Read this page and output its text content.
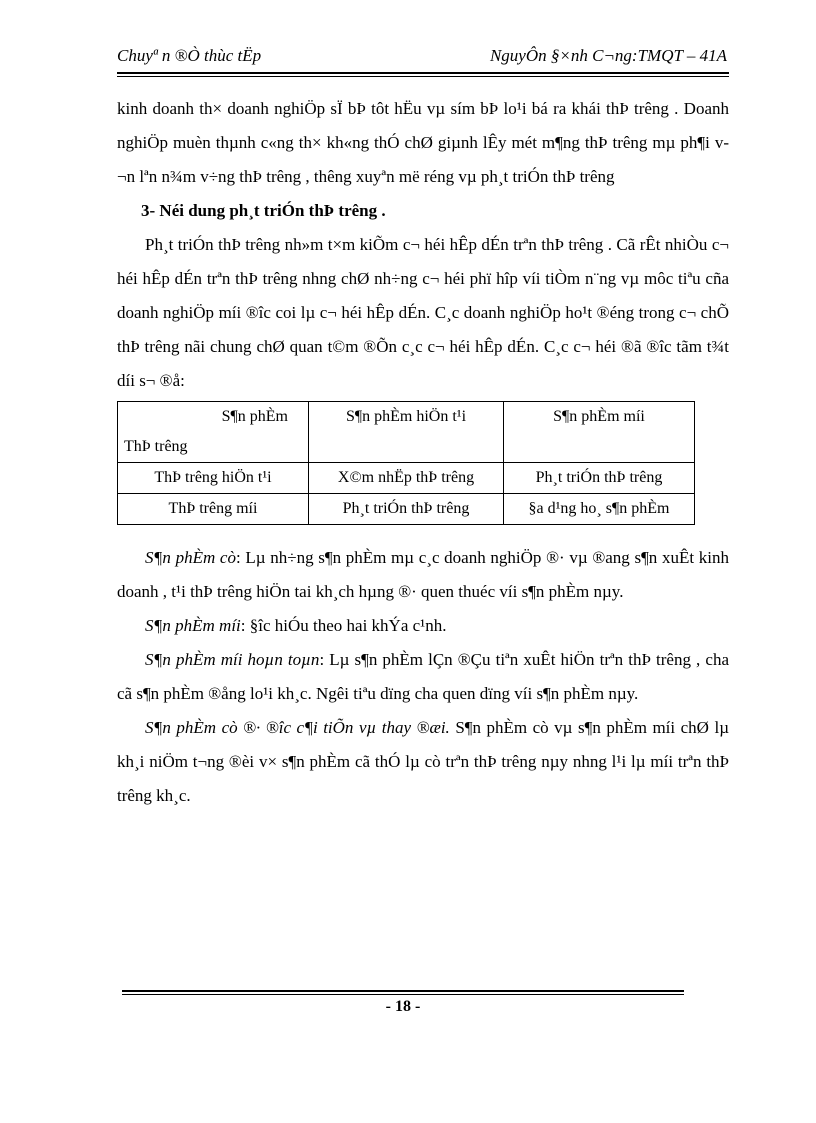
Chuyª n ®Ò thùc tËp	NguyÔn §×nh C¬ng:TMQT – 41A

kinh doanh th× doanh nghiÖp sÏ bÞ tôt hËu vµ sím bÞ lo¹i bá ra khái thÞ trêng . Doanh nghiÖp muèn thµnh c«ng th× kh«ng thÓ chØ giµnh lÊy mét m¶ng thÞ trêng mµ ph¶i v¬n lªn n¾m v÷ng thÞ trêng , thêng xuyªn më réng vµ ph¸t triÓn thÞ trêng

3- Néi dung ph¸t triÓn thÞ trêng .

Ph¸t triÓn thÞ trêng nh»m t×m kiÕm c¬ héi hÊp dÉn trªn thÞ trêng . Cã rÊt nhiÒu c¬ héi hÊp dÉn trªn thÞ trêng nhng chØ nh÷ng c¬ héi phï hîp víi tiÒm n¨ng vµ môc tiªu cña doanh nghiÖp míi ®îc coi lµ c¬ héi hÊp dÉn. C¸c doanh nghiÖp ho¹t ®éng trong c¬ chÕ thÞ trêng nãi chung chØ quan t©m ®Õn c¸c c¬ héi hÊp dÉn. C¸c c¬ héi ®ã ®îc tãm t¾t díi s¬ ®å:

S¶n phÈm
ThÞ trêng	S¶n phÈm hiÖn t¹i	S¶n phÈm míi
ThÞ trêng hiÖn t¹i	X©m nhËp thÞ trêng	Ph¸t triÓn thÞ trêng
ThÞ trêng míi	Ph¸t triÓn thÞ trêng	§a d¹ng ho¸ s¶n phÈm

S¶n phÈm cò: Lµ nh÷ng s¶n phÈm mµ c¸c doanh nghiÖp ®· vµ ®ang s¶n xuÊt kinh doanh , t¹i thÞ trêng hiÖn tai kh¸ch hµng ®· quen thuéc víi s¶n phÈm nµy.

S¶n phÈm míi: §îc hiÓu theo hai khÝa c¹nh.

S¶n phÈm míi hoµn toµn: Lµ s¶n phÈm lÇn ®Çu tiªn xuÊt hiÖn trªn thÞ trêng , cha cã s¶n phÈm ®ång lo¹i kh¸c. Ngêi tiªu dïng cha quen dïng víi s¶n phÈm nµy.

S¶n phÈm cò ®· ®îc c¶i tiÕn vµ thay ®æi. S¶n phÈm cò vµ s¶n phÈm míi chØ lµ kh¸i niÖm t¬ng ®èi v× s¶n phÈm cã thÓ lµ cò trªn thÞ trêng nµy nhng l¹i lµ míi trªn thÞ trêng kh¸c.

- 18 -
